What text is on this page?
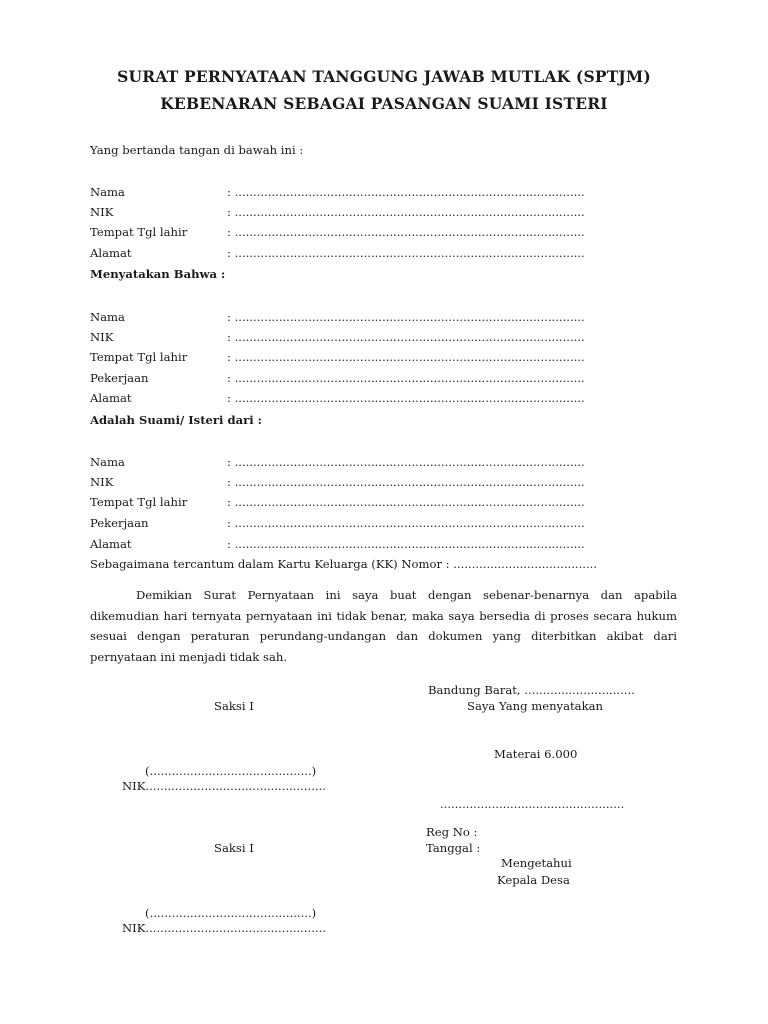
SURAT PERNYATAAN TANGGUNG JAWAB MUTLAK (SPTJM)
KEBENARAN SEBAGAI PASANGAN SUAMI ISTERI
Yang bertanda tangan di bawah ini :
Nama	: ...............................................................................................
NIK	: ...............................................................................................
Tempat Tgl lahir	: ...............................................................................................
Alamat	: ...............................................................................................
Menyatakan Bahwa :
Nama	: ...............................................................................................
NIK	: ...............................................................................................
Tempat Tgl lahir	: ...............................................................................................
Pekerjaan	: ...............................................................................................
Alamat	: ...............................................................................................
Adalah Suami/ Isteri dari :
Nama	: ...............................................................................................
NIK	: ...............................................................................................
Tempat Tgl lahir	: ...............................................................................................
Pekerjaan	: ...............................................................................................
Alamat	: ...............................................................................................
Sebagaimana tercantum dalam Kartu Keluarga (KK) Nomor : .......................................
Demikian Surat Pernyataan ini saya buat dengan sebenar-benarnya dan apabila dikemudian hari ternyata pernyataan ini tidak benar, maka saya bersedia di proses secara hukum sesuai dengan peraturan perundang-undangan dan dokumen yang diterbitkan akibat dari pernyataan ini menjadi tidak sah.
Bandung Barat, ..............................
Saksi I	Saya Yang menyatakan
Materai 6.000
(............................................)
NIK.................................................
..................................................
Reg No :
Saksi I	Tanggal :
Mengetahui
Kepala Desa
(............................................)
NIK.................................................
